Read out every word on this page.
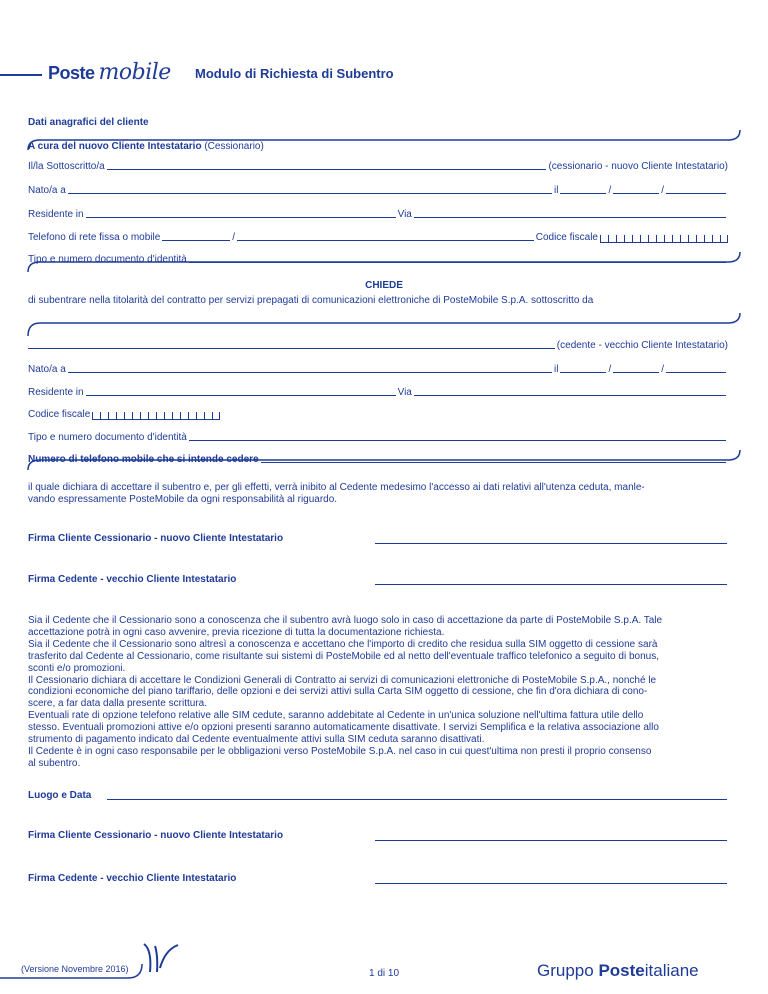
Poste mobile Modulo di Richiesta di Subentro
Dati anagrafici del cliente
A cura del nuovo Cliente Intestatario (Cessionario)
Il/la Sottoscritto/a	(cessionario - nuovo Cliente Intestatario)
Nato/a a	il	/	/
Residente in	Via
Telefono di rete fissa o mobile	/	Codice fiscale
Tipo e numero documento d'identità
CHIEDE
di subentrare nella titolarità del contratto per servizi prepagati di comunicazioni elettroniche di PosteMobile S.p.A. sottoscritto da
(cedente - vecchio Cliente Intestatario)
Nato/a a	il	/	/
Residente in	Via
Codice fiscale
Tipo e numero documento d'identità
Numero di telefono mobile che si intende cedere
il quale dichiara di accettare il subentro e, per gli effetti, verrà inibito al Cedente medesimo l'accesso ai dati relativi all'utenza ceduta, manle-
vando espressamente PosteMobile da ogni responsabilità al riguardo.
Firma Cliente Cessionario - nuovo Cliente Intestatario
Firma Cedente - vecchio Cliente Intestatario
Sia il Cedente che il Cessionario sono a conoscenza che il subentro avrà luogo solo in caso di accettazione da parte di PosteMobile S.p.A. Tale
accettazione potrà in ogni caso avvenire, previa ricezione di tutta la documentazione richiesta.
Sia il Cedente che il Cessionario sono altresì a conoscenza e accettano che l'importo di credito che residua sulla SIM oggetto di cessione sarà
trasferito dal Cedente al Cessionario, come risultante sui sistemi di PosteMobile ed al netto dell'eventuale traffico telefonico a seguito di bonus,
sconti e/o promozioni.
Il Cessionario dichiara di accettare le Condizioni Generali di Contratto ai servizi di comunicazioni elettroniche di PosteMobile S.p.A., nonché le
condizioni economiche del piano tariffario, delle opzioni e dei servizi attivi sulla Carta SIM oggetto di cessione, che fin d'ora dichiara di cono-
scere, a far data dalla presente scrittura.
Eventuali rate di opzione telefono relative alle SIM cedute, saranno addebitate al Cedente in un'unica soluzione nell'ultima fattura utile dello
stesso. Eventuali promozioni attive e/o opzioni presenti saranno automaticamente disattivate. I servizi Semplifica e la relativa associazione allo
strumento di pagamento indicato dal Cedente eventualmente attivi sulla SIM ceduta saranno disattivati.
Il Cedente è in ogni caso responsabile per le obbligazioni verso PosteMobile S.p.A. nel caso in cui quest'ultima non presti il proprio consenso
al subentro.
Luogo e Data
Firma Cliente Cessionario - nuovo Cliente Intestatario
Firma Cedente - vecchio Cliente Intestatario
(Versione Novembre 2016)	1 di 10	Gruppo Posteitaliane
